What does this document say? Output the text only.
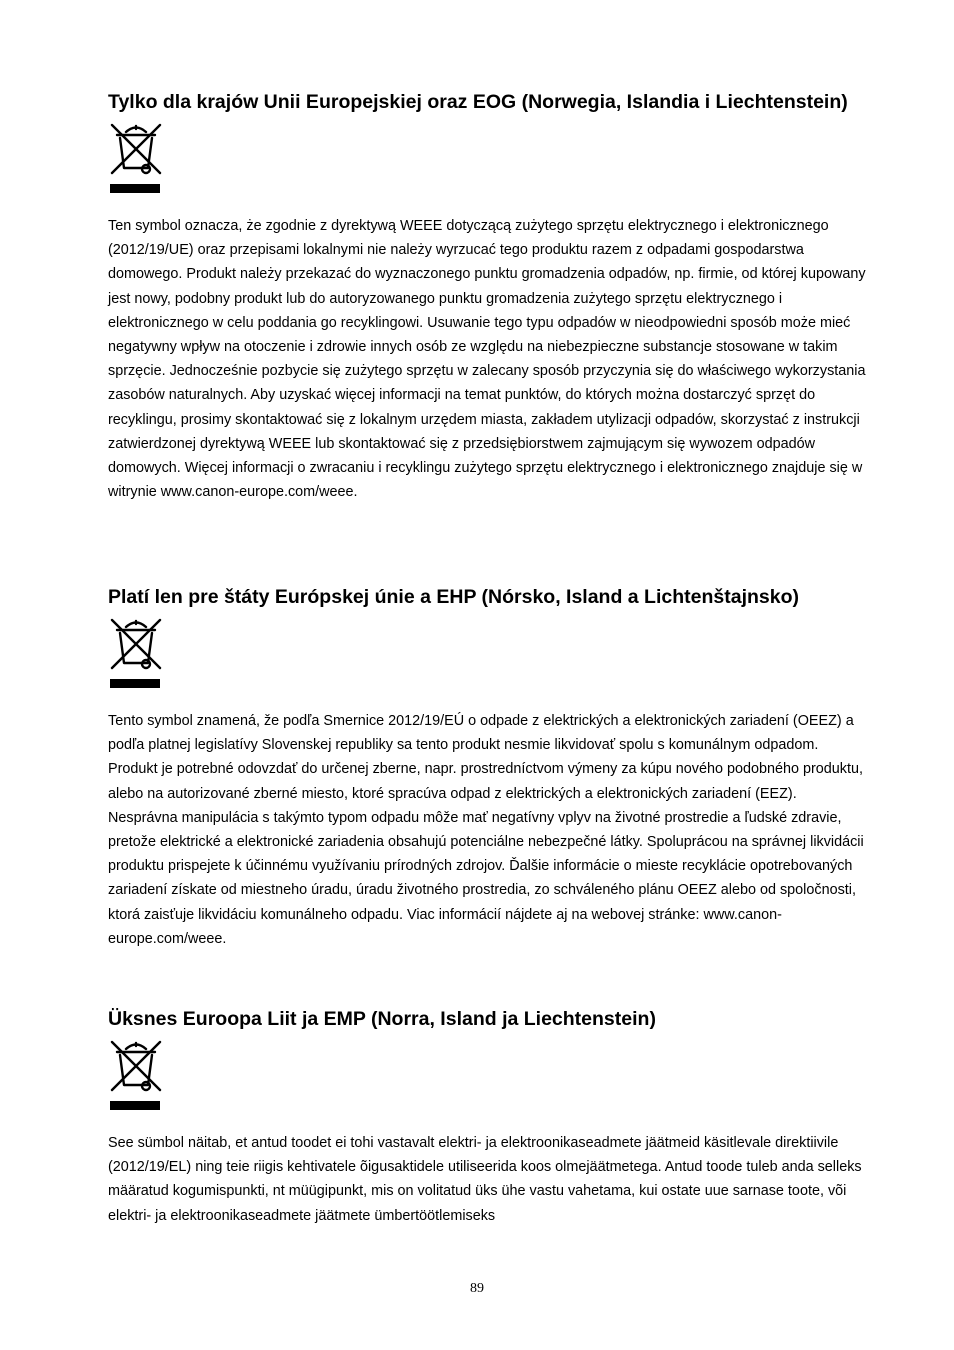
Tylko dla krajów Unii Europejskiej oraz EOG (Norwegia, Islandia i Liechtenstein)

Ten symbol oznacza, że zgodnie z dyrektywą WEEE dotyczącą zużytego sprzętu elektrycznego i elektronicznego (2012/19/UE) oraz przepisami lokalnymi nie należy wyrzucać tego produktu razem z odpadami gospodarstwa domowego. Produkt należy przekazać do wyznaczonego punktu gromadzenia odpadów, np. firmie, od której kupowany jest nowy, podobny produkt lub do autoryzowanego punktu gromadzenia zużytego sprzętu elektrycznego i elektronicznego w celu poddania go recyklingowi. Usuwanie tego typu odpadów w nieodpowiedni sposób może mieć negatywny wpływ na otoczenie i zdrowie innych osób ze względu na niebezpieczne substancje stosowane w takim sprzęcie. Jednocześnie pozbycie się zużytego sprzętu w zalecany sposób przyczynia się do właściwego wykorzystania zasobów naturalnych. Aby uzyskać więcej informacji na temat punktów, do których można dostarczyć sprzęt do recyklingu, prosimy skontaktować się z lokalnym urzędem miasta, zakładem utylizacji odpadów, skorzystać z instrukcji zatwierdzonej dyrektywą WEEE lub skontaktować się z przedsiębiorstwem zajmującym się wywozem odpadów domowych. Więcej informacji o zwracaniu i recyklingu zużytego sprzętu elektrycznego i elektronicznego znajduje się w witrynie www.canon-europe.com/weee.

Platí len pre štáty Európskej únie a EHP (Nórsko, Island a Lichtenštajnsko)

Tento symbol znamená, že podľa Smernice 2012/19/EÚ o odpade z elektrických a elektronických zariadení (OEEZ) a podľa platnej legislatívy Slovenskej republiky sa tento produkt nesmie likvidovať spolu s komunálnym odpadom. Produkt je potrebné odovzdať do určenej zberne, napr. prostredníctvom výmeny za kúpu nového podobného produktu, alebo na autorizované zberné miesto, ktoré spracúva odpad z elektrických a elektronických zariadení (EEZ). Nesprávna manipulácia s takýmto typom odpadu môže mať negatívny vplyv na životné prostredie a ľudské zdravie, pretože elektrické a elektronické zariadenia obsahujú potenciálne nebezpečné látky. Spoluprácou na správnej likvidácii produktu prispejete k účinnému využívaniu prírodných zdrojov. Ďalšie informácie o mieste recyklácie opotrebovaných zariadení získate od miestneho úradu, úradu životného prostredia, zo schváleného plánu OEEZ alebo od spoločnosti, ktorá zaisťuje likvidáciu komunálneho odpadu. Viac informácií nájdete aj na webovej stránke: www.canon-europe.com/weee.

Üksnes Euroopa Liit ja EMP (Norra, Island ja Liechtenstein)

See sümbol näitab, et antud toodet ei tohi vastavalt elektri- ja elektroonikaseadmete jäätmeid käsitlevale direktiivile (2012/19/EL) ning teie riigis kehtivatele õigusaktidele utiliseerida koos olmejäätmetega. Antud toode tuleb anda selleks määratud kogumispunkti, nt müügipunkt, mis on volitatud üks ühe vastu vahetama, kui ostate uue sarnase toote, või elektri- ja elektroonikaseadmete jäätmete ümbertöötlemiseks

89
